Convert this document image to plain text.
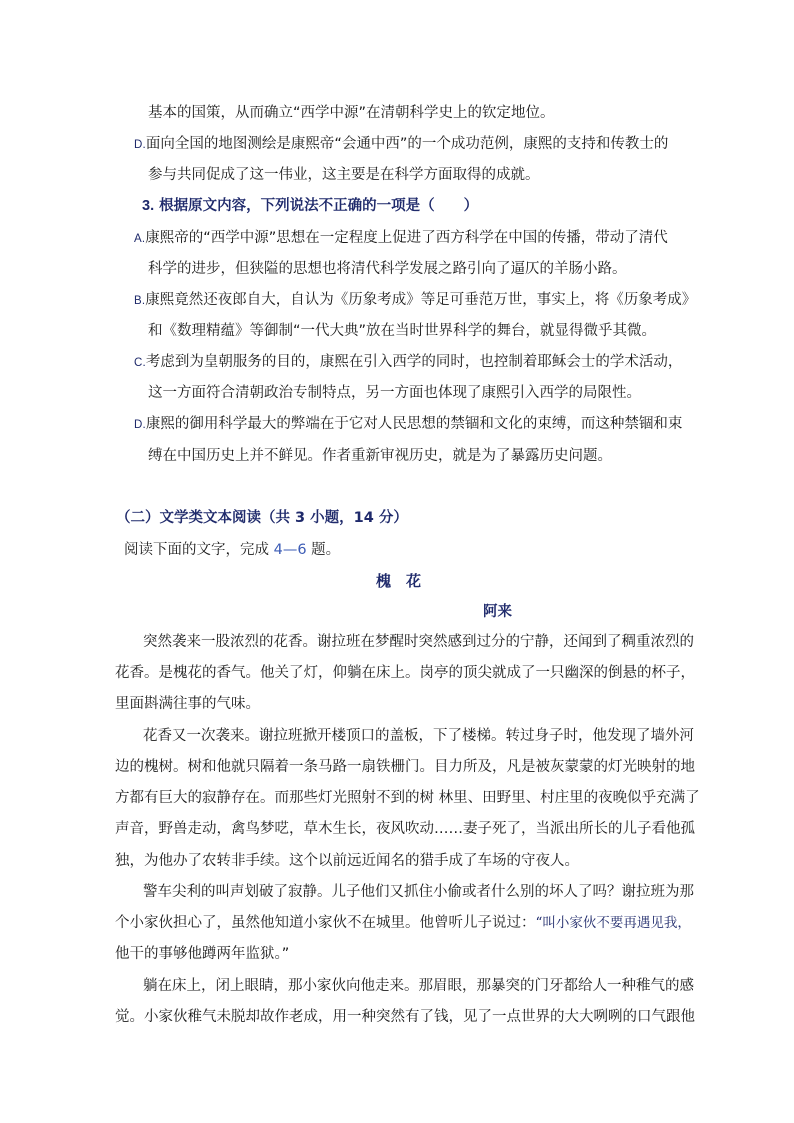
基本的国策，从而确立“西学中源”在清朝科学史上的钦定地位。
D.面向全国的地图测绘是康熙帝“会通中西”的一个成功范例，康熙的支持和传教士的
参与共同促成了这一伟业，这主要是在科学方面取得的成就。
3. 根据原文内容，下列说法不正确的一项是（　　）
A.康熙帝的“西学中源”思想在一定程度上促进了西方科学在中国的传播，带动了清代
科学的进步，但狭隘的思想也将清代科学发展之路引向了逼仄的羊肠小路。
B.康熙竟然还夜郎自大，自认为《历象考成》等足可垂范万世，事实上，将《历象考成》
和《数理精蕴》等御制“一代大典”放在当时世界科学的舞台，就显得微乎其微。
C.考虑到为皇朝服务的目的，康熙在引入西学的同时，也控制着耶稣会士的学术活动，
这一方面符合清朝政治专制特点，另一方面也体现了康熙引入西学的局限性。
D.康熙的御用科学最大的弊端在于它对人民思想的禁锢和文化的束缚，而这种禁锢和束
缚在中国历史上并不鲜见。作者重新审视历史，就是为了暴露历史问题。
（二）文学类文本阅读（共 3 小题，14 分）
阅读下面的文字，完成 4—6 题。
槐　花
阿来
突然袭来一股浓烈的花香。谢拉班在梦醒时突然感到过分的宁静，还闻到了稠重浓烈的
花香。是槐花的香气。他关了灯，仰躺在床上。岗亭的顶尖就成了一只幽深的倒悬的杯子，
里面斟满往事的气味。
花香又一次袭来。谢拉班掀开楼顶口的盖板，下了楼梯。转过身子时，他发现了墙外河
边的槐树。树和他就只隔着一条马路一扇铁栅门。目力所及，凡是被灰蒙蒙的灯光映射的地
方都有巨大的寂静存在。而那些灯光照射不到的树 林里、田野里、村庄里的夜晚似乎充满了
声音，野兽走动，禽鸟梦呓，草木生长，夜风吹动……妻子死了，当派出所长的儿子看他孤
独，为他办了农转非手续。这个以前远近闻名的猎手成了车场的守夜人。
警车尖利的叫声划破了寂静。儿子他们又抓住小偷或者什么别的坏人了吗？谢拉班为那
个小家伙担心了，虽然他知道小家伙不在城里。他曾听儿子说过：“叫小家伙不要再遇见我，
他干的事够他蹲两年监狱。”
躺在床上，闭上眼睛，那小家伙向他走来。那眉眼，那暴突的门牙都给人一种稚气的感
觉。小家伙稚气未脱却故作老成，用一种突然有了钱，见了一点世界的大大咧咧的口气跟他
